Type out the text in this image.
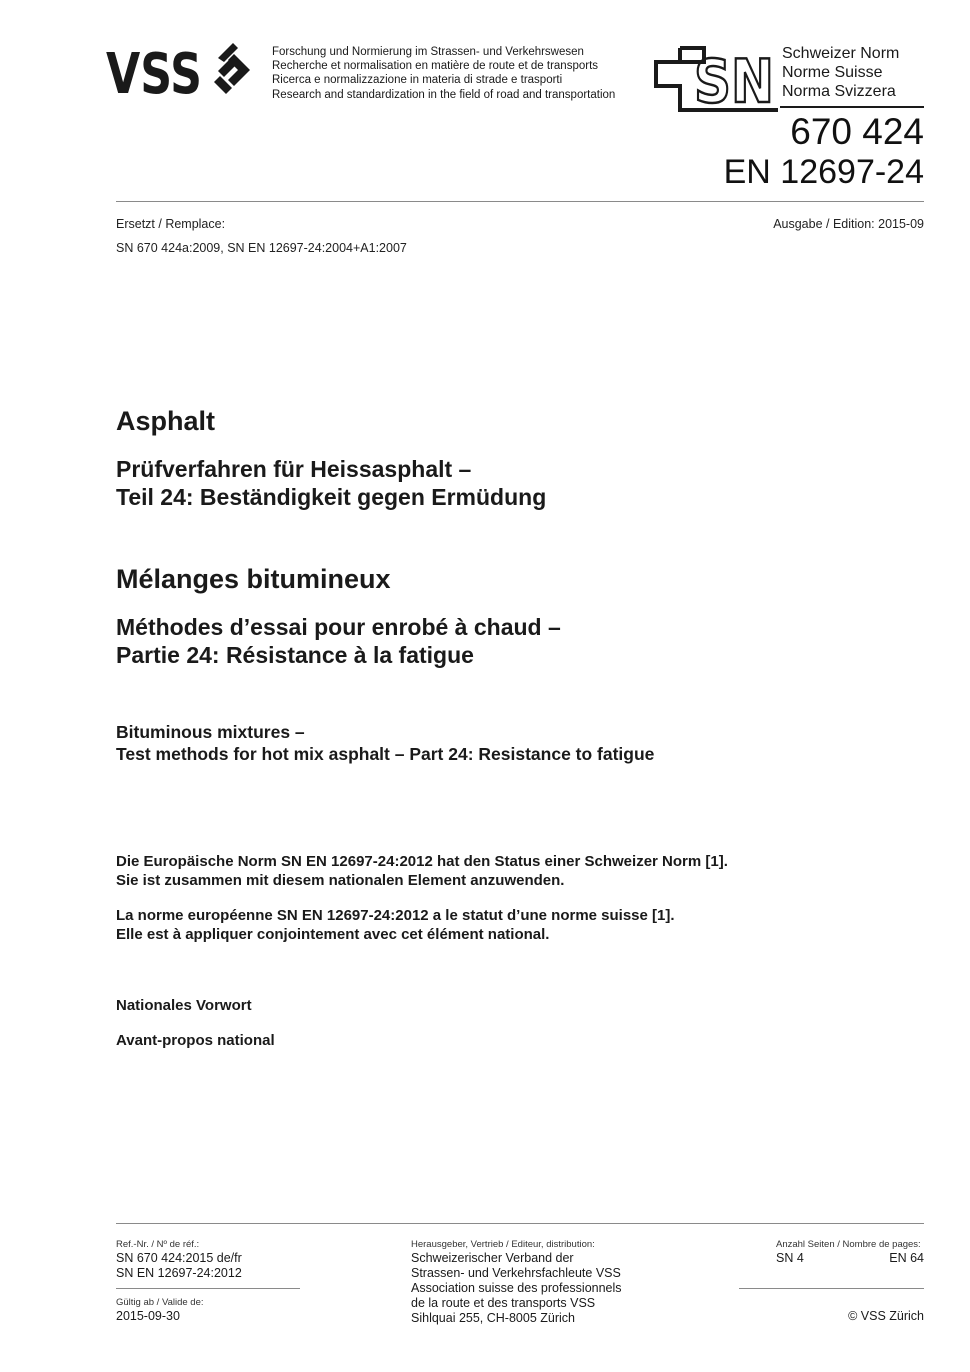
VSS	Forschung und Normierung im Strassen- und Verkehrswesen
Recherche et normalisation en matière de route et de transports
Ricerca e normalizzazione in materia di strade e trasporti
Research and standardization in the field of road and transportation SN Schweizer Norm
Norme Suisse
Norma Svizzera
670 424
EN 12697-24
Ersetzt / Remplace:	Ausgabe / Edition: 2015-09
SN 670 424a:2009, SN EN 12697-24:2004+A1:2007
Asphalt
Prüfverfahren für Heissasphalt –
Teil 24: Beständigkeit gegen Ermüdung
Mélanges bitumineux
Méthodes d’essai pour enrobé à chaud –
Partie 24: Résistance à la fatigue
Bituminous mixtures –
Test methods for hot mix asphalt – Part 24: Resistance to fatigue
Die Europäische Norm SN EN 12697-24:2012 hat den Status einer Schweizer Norm [1].
Sie ist zusammen mit diesem nationalen Element anzuwenden.
La norme européenne SN EN 12697-24:2012 a le statut d’une norme suisse [1].
Elle est à appliquer conjointement avec cet élément national.
Nationales Vorwort
Avant-propos national
Ref.-Nr. / Nº de réf.:
SN 670 424:2015 de/fr
SN EN 12697-24:2012
Gültig ab / Valide de:
2015-09-30
Herausgeber, Vertrieb / Editeur, distribution:
Schweizerischer Verband der
Strassen- und Verkehrsfachleute VSS
Association suisse des professionnels
de la route et des transports VSS
Sihlquai 255, CH-8005 Zürich
Anzahl Seiten / Nombre de pages:
SN 4	EN 64
© VSS Zürich
